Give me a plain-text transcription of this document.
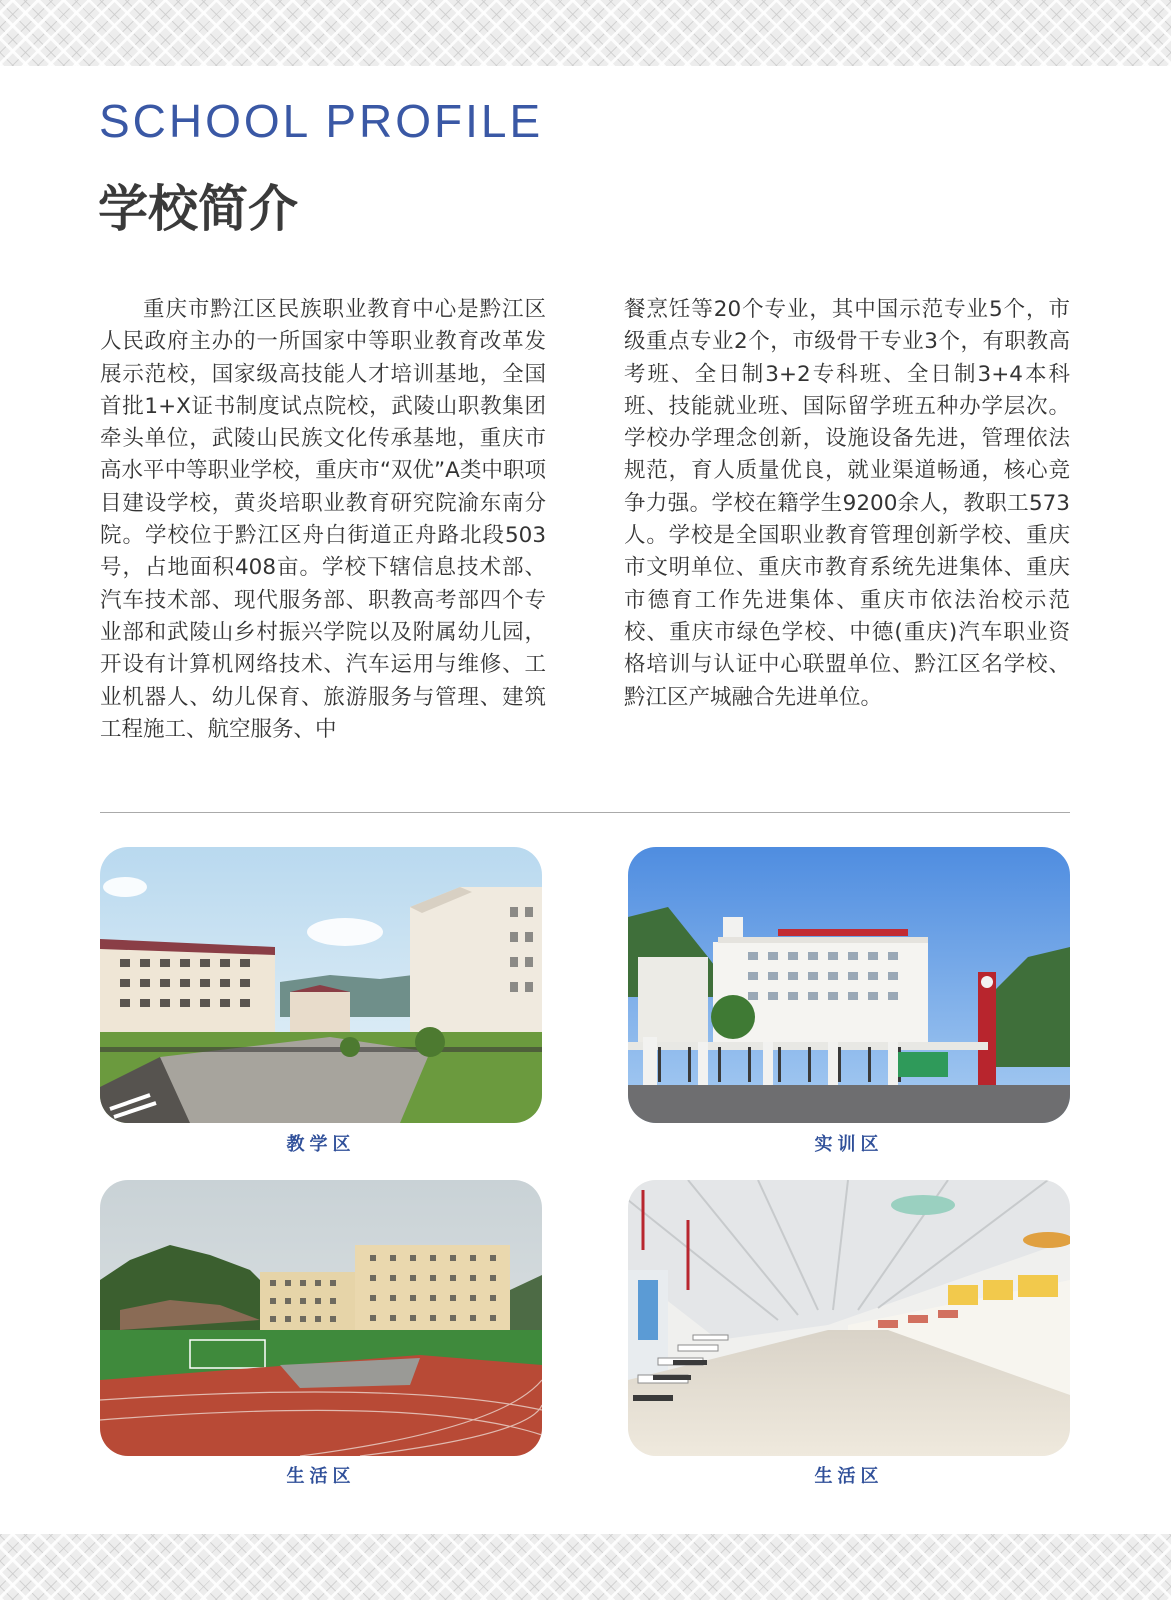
SCHOOL PROFILE
学校简介

重庆市黔江区民族职业教育中心是黔江区人民政府主办的一所国家中等职业教育改革发展示范校，国家级高技能人才培训基地，全国首批1+X证书制度试点院校，武陵山职教集团牵头单位，武陵山民族文化传承基地，重庆市高水平中等职业学校，重庆市“双优”A类中职项目建设学校，黄炎培职业教育研究院渝东南分院。学校位于黔江区舟白街道正舟路北段503号，占地面积408亩。学校下辖信息技术部、汽车技术部、现代服务部、职教高考部四个专业部和武陵山乡村振兴学院以及附属幼儿园，开设有计算机网络技术、汽车运用与维修、工业机器人、幼儿保育、旅游服务与管理、建筑工程施工、航空服务、中

餐烹饪等20个专业，其中国示范专业5个，市级重点专业2个，市级骨干专业3个，有职教高考班、全日制3+2专科班、全日制3+4本科班、技能就业班、国际留学班五种办学层次。学校办学理念创新，设施设备先进，管理依法规范，育人质量优良，就业渠道畅通，核心竞争力强。学校在籍学生9200余人，教职工573人。学校是全国职业教育管理创新学校、重庆市文明单位、重庆市教育系统先进集体、重庆市德育工作先进集体、重庆市依法治校示范校、重庆市绿色学校、中德(重庆)汽车职业资格培训与认证中心联盟单位、黔江区名学校、黔江区产城融合先进单位。

教学区	实训区
生活区	生活区
